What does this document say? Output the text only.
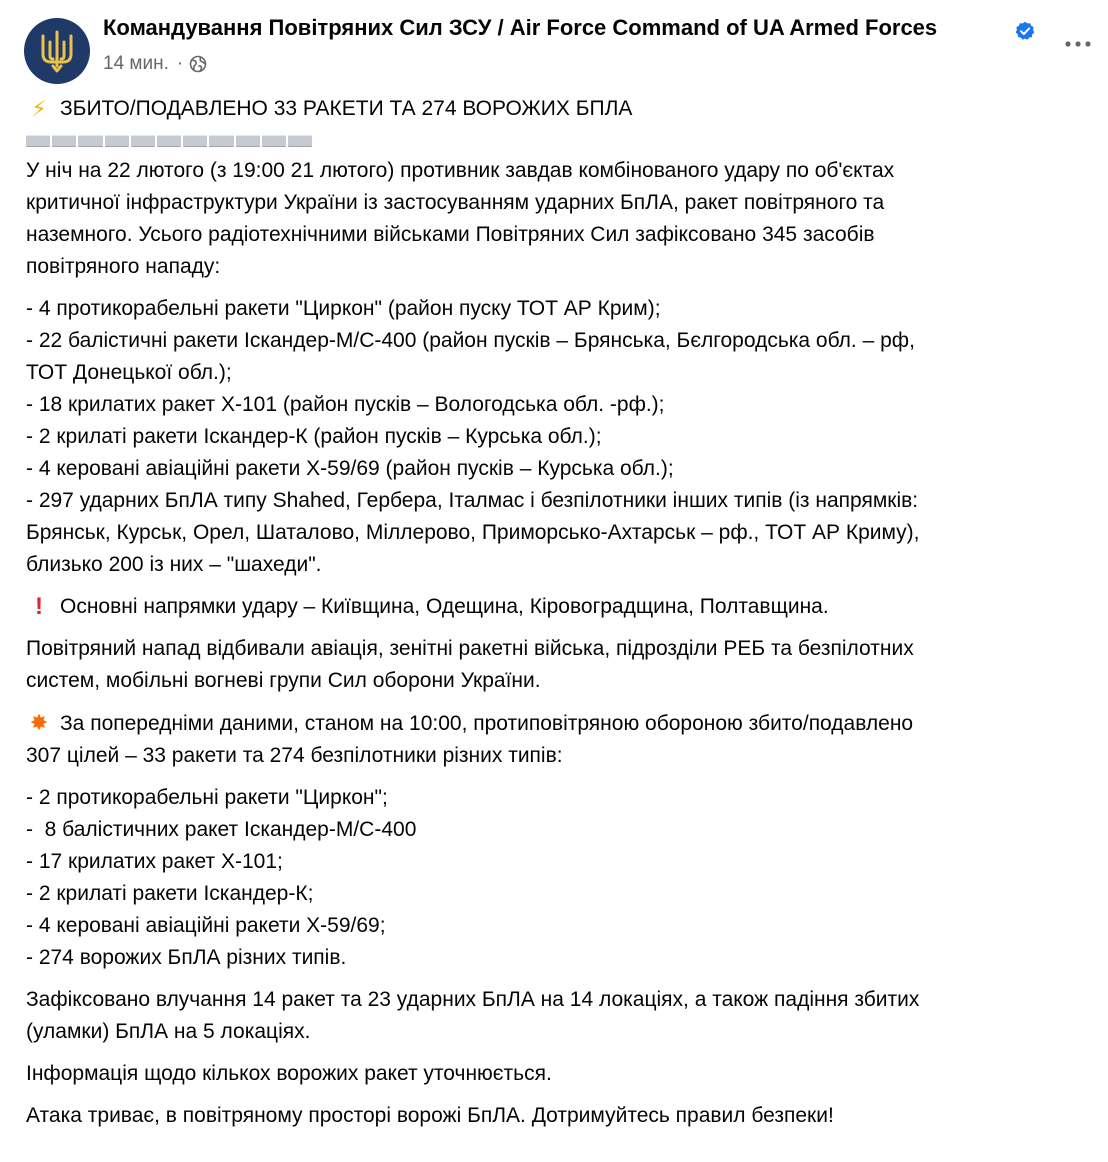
Командування Повітряних Сил ЗСУ / Air Force Command of UA Armed Forces
14 мин. ·

⚡ ЗБИТО/ПОДАВЛЕНО 33 РАКЕТИ ТА 274 ВОРОЖИХ БПЛА

У ніч на 22 лютого (з 19:00 21 лютого) противник завдав комбінованого удару по об'єктах
критичної інфраструктури України із застосуванням ударних БпЛА, ракет повітряного та
наземного. Усього радіотехнічними військами Повітряних Сил зафіксовано 345 засобів
повітряного нападу:

- 4 протикорабельні ракети "Циркон" (район пуску ТОТ АР Крим);
- 22 балістичні ракети Іскандер-М/С-400 (район пусків – Брянська, Бєлгородська обл. – рф,
ТОТ Донецької обл.);
- 18 крилатих ракет Х-101 (район пусків – Вологодська обл. -рф.);
- 2 крилаті ракети Іскандер-К (район пусків – Курська обл.);
- 4 керовані авіаційні ракети Х-59/69 (район пусків – Курська обл.);
- 297 ударних БпЛА типу Shahed, Гербера, Італмас і безпілотники інших типів (із напрямків:
Брянськ, Курськ, Орел, Шаталово, Міллерово, Приморсько-Ахтарськ – рф., ТОТ АР Криму),
близько 200 із них – "шахеди".

! Основні напрямки удару – Київщина, Одещина, Кіровоградщина, Полтавщина.

Повітряний напад відбивали авіація, зенітні ракетні війська, підрозділи РЕБ та безпілотних
систем, мобільні вогневі групи Сил оборони України.

✸ За попередніми даними, станом на 10:00, протиповітряною обороною збито/подавлено
307 цілей – 33 ракети та 274 безпілотники різних типів:

- 2 протикорабельні ракети "Циркон";
-  8 балістичних ракет Іскандер-М/С-400
- 17 крилатих ракет Х-101;
- 2 крилаті ракети Іскандер-К;
- 4 керовані авіаційні ракети Х-59/69;
- 274 ворожих БпЛА різних типів.

Зафіксовано влучання 14 ракет та 23 ударних БпЛА на 14 локаціях, а також падіння збитих
(уламки) БпЛА на 5 локаціях.

Інформація щодо кількох ворожих ракет уточнюється.

Атака триває, в повітряному просторі ворожі БпЛА. Дотримуйтесь правил безпеки!
